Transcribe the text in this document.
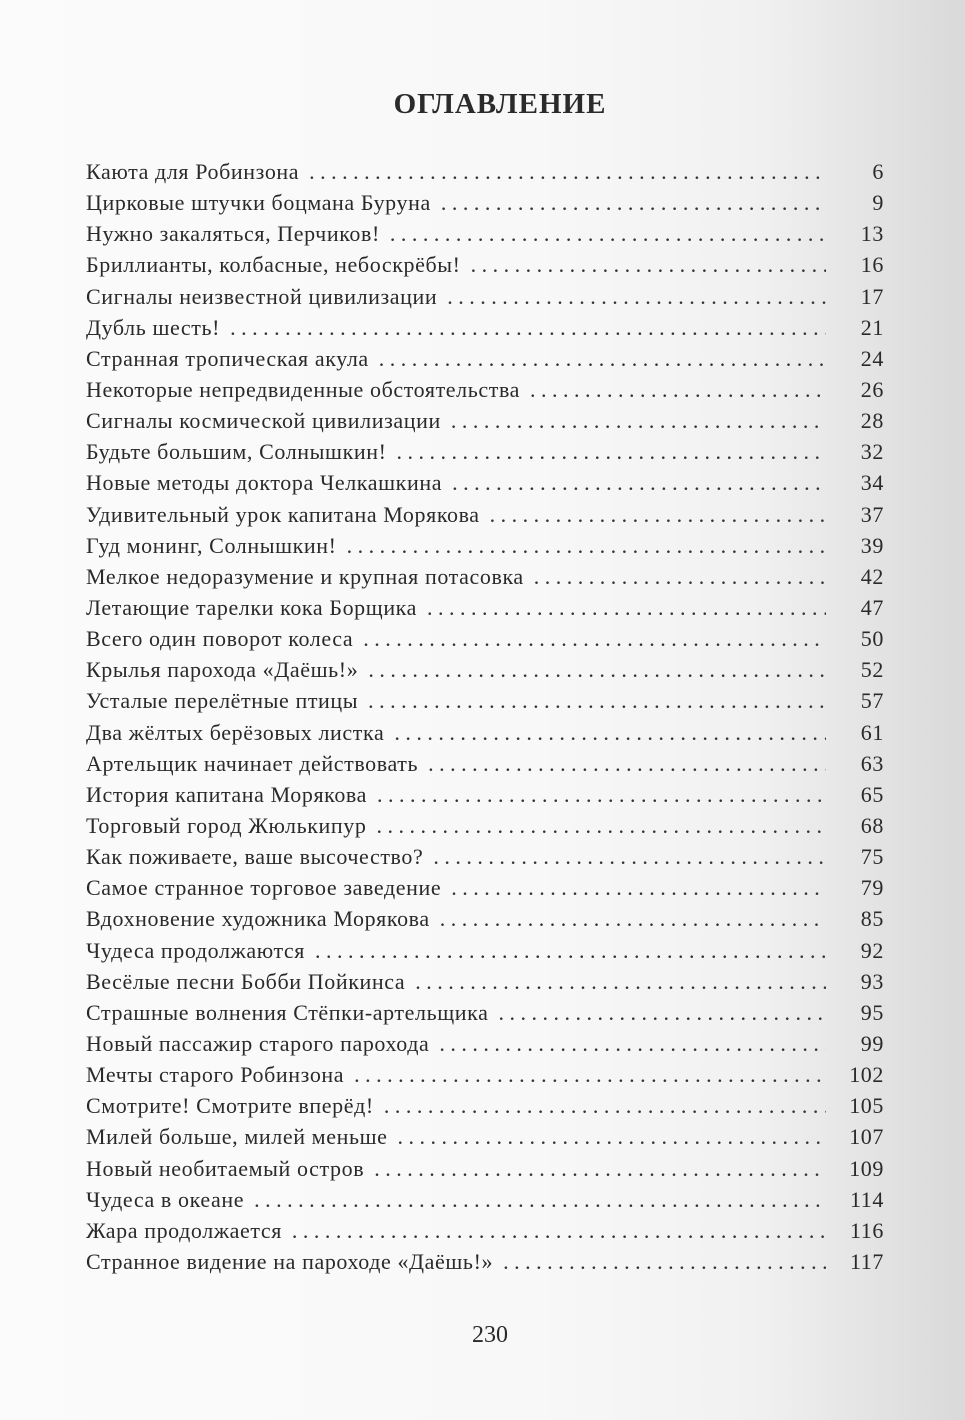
ОГЛАВЛЕНИЕ
Каюта для Робинзона . . .	6
Цирковые штучки боцмана Буруна . . .	9
Нужно закаляться, Перчиков! . . .	13
Бриллианты, колбасные, небоскрёбы! . . .	16
Сигналы неизвестной цивилизации . . .	17
Дубль шесть! . . .	21
Странная тропическая акула . . .	24
Некоторые непредвиденные обстоятельства . . .	26
Сигналы космической цивилизации . . .	28
Будьте большим, Солнышкин! . . .	32
Новые методы доктора Челкашкина . . .	34
Удивительный урок капитана Морякова . . .	37
Гуд монинг, Солнышкин! . . .	39
Мелкое недоразумение и крупная потасовка . . .	42
Летающие тарелки кока Борщика . . .	47
Всего один поворот колеса . . .	50
Крылья парохода «Даёшь!» . . .	52
Усталые перелётные птицы . . .	57
Два жёлтых берёзовых листка . . .	61
Артельщик начинает действовать . . .	63
История капитана Морякова . . .	65
Торговый город Жюлькипур . . .	68
Как поживаете, ваше высочество? . . .	75
Самое странное торговое заведение . . .	79
Вдохновение художника Морякова . . .	85
Чудеса продолжаются . . .	92
Весёлые песни Бобби Пойкинса . . .	93
Страшные волнения Стёпки-артельщика . . .	95
Новый пассажир старого парохода . . .	99
Мечты старого Робинзона . . .	102
Смотрите! Смотрите вперёд! . . .	105
Милей больше, милей меньше . . .	107
Новый необитаемый остров . . .	109
Чудеса в океане . . .	114
Жара продолжается . . .	116
Странное видение на пароходе «Даёшь!» . . .	117
230
